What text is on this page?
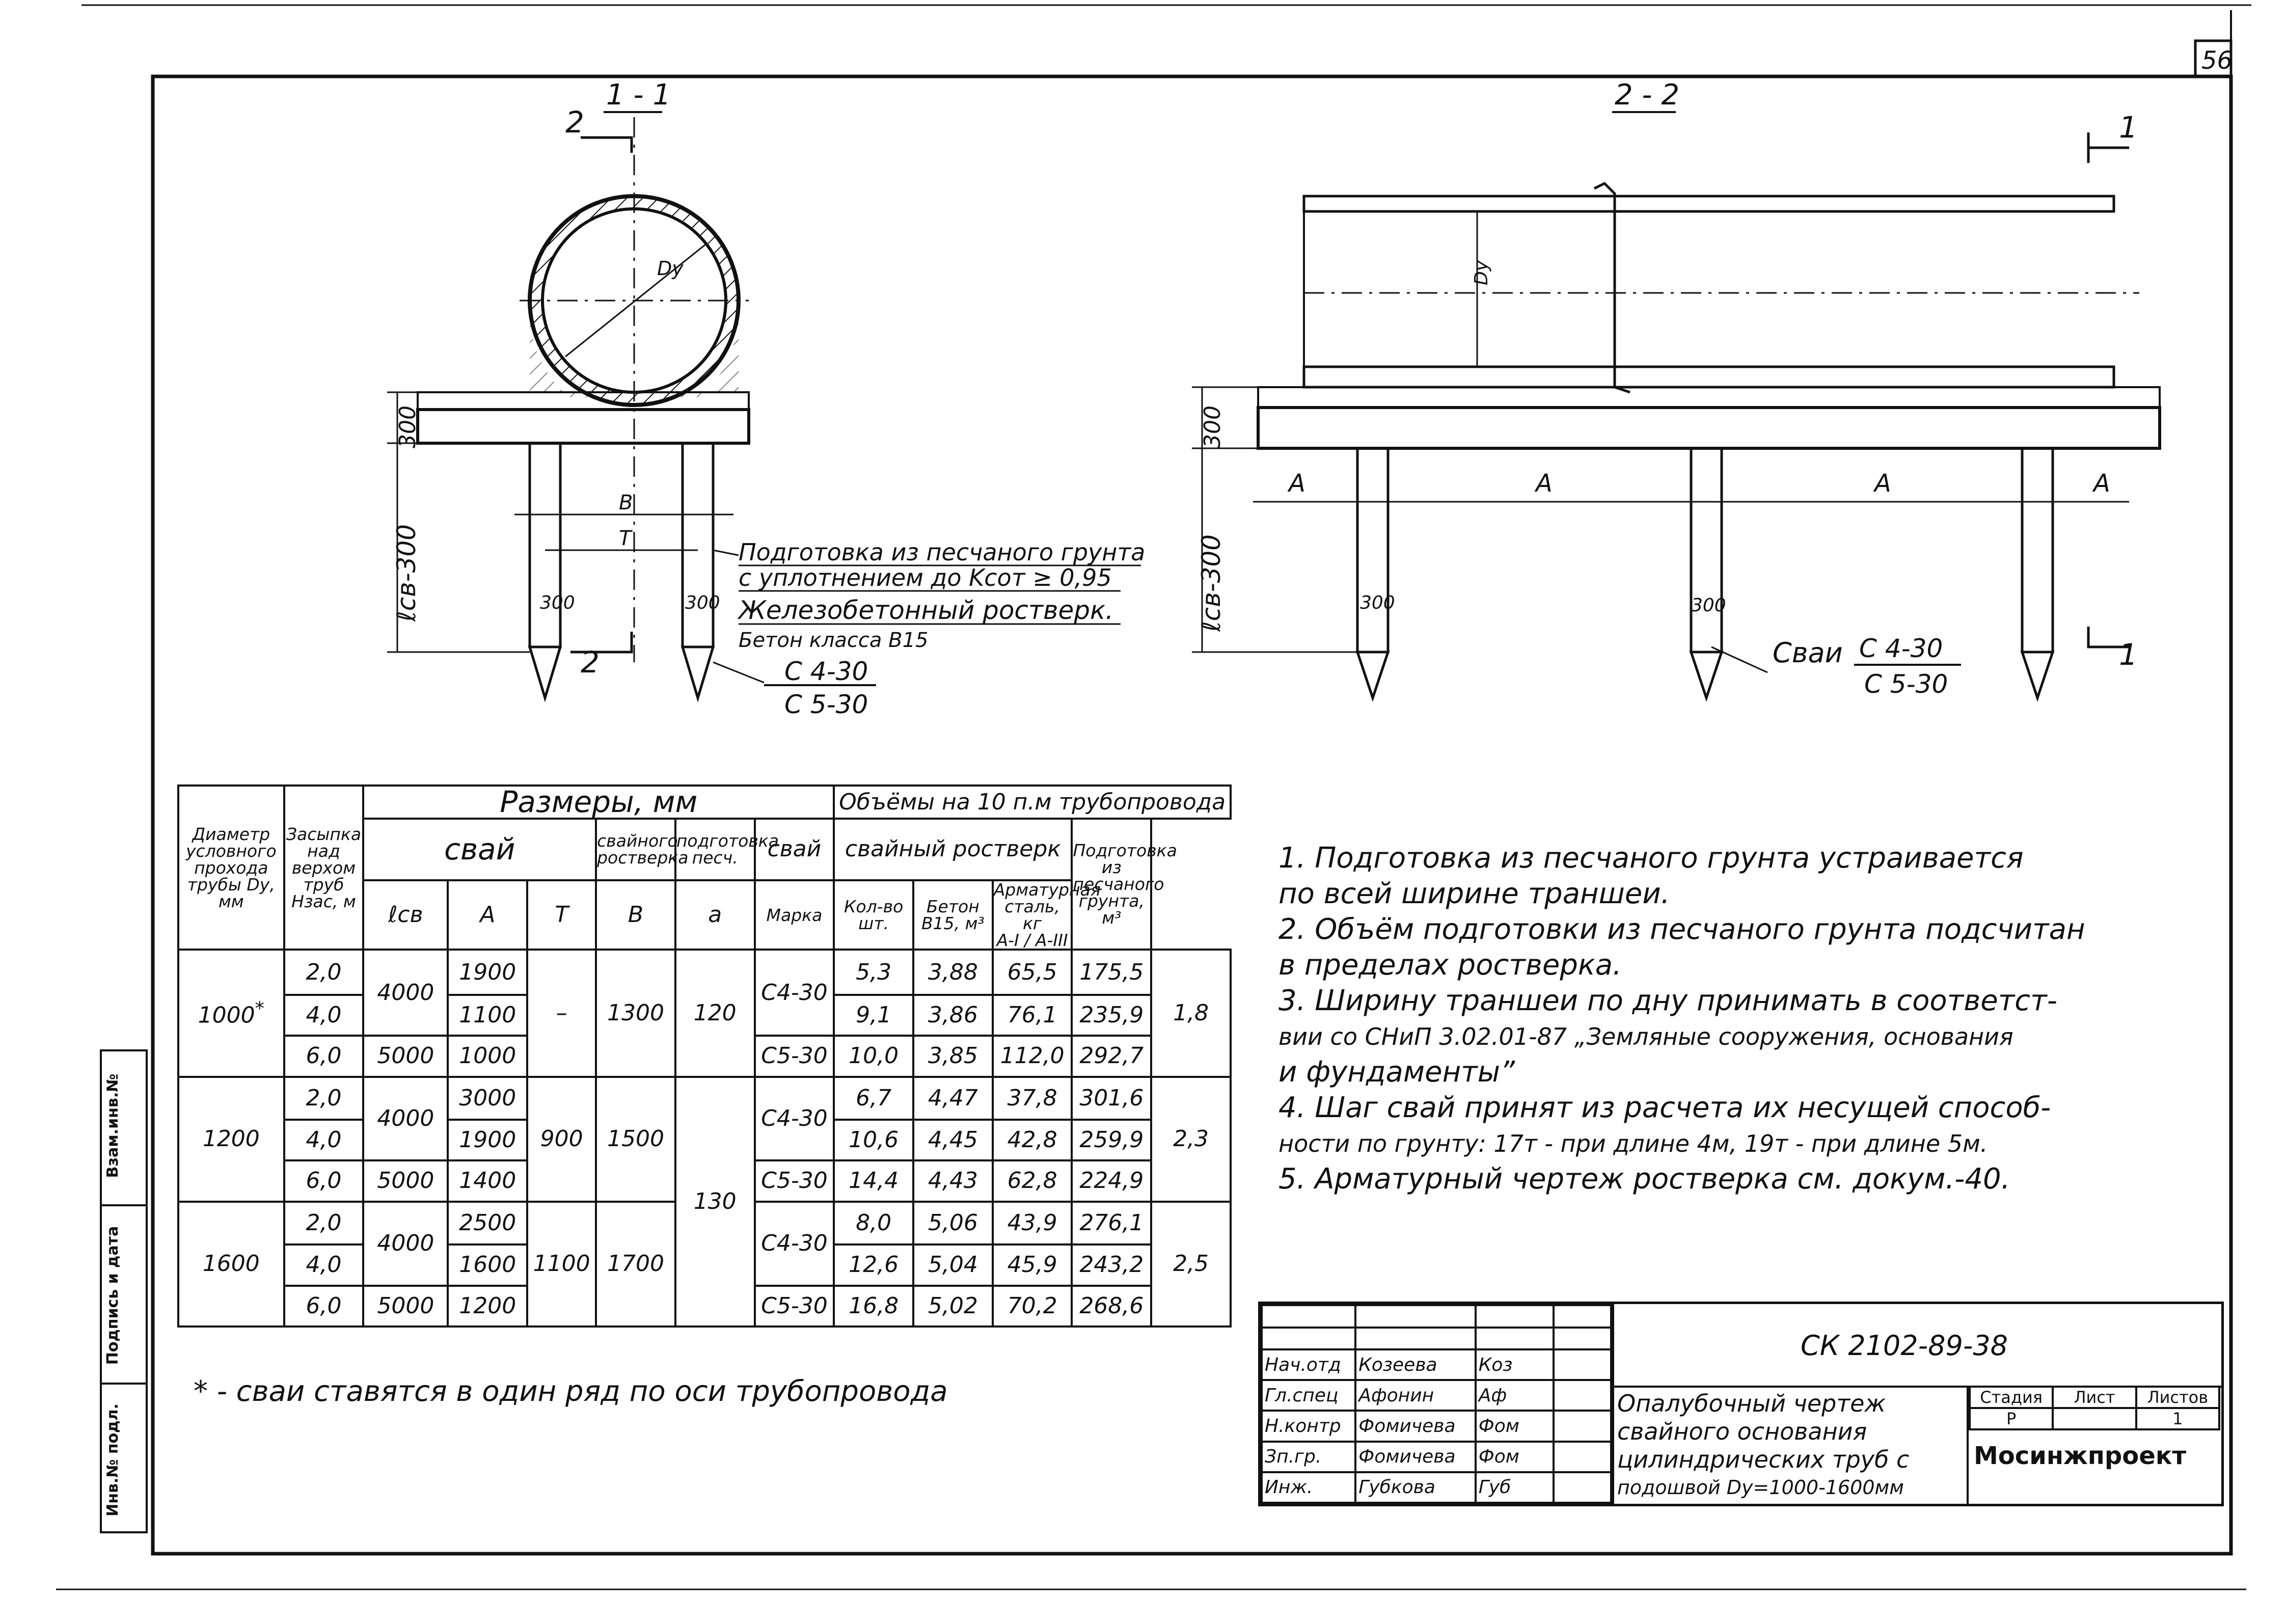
Dу
300
ℓсв-300
B
T
300	300
1 - 1
2
2
Подготовка из песчаного грунта
с уплотнением до Kсот ≥ 0,95
Железобетонный ростверк.
Бетон класса B15
С 4-30
С 5-30
2 - 2
Dу
300
ℓсв-300
A	A	A	A
300	300
1
1
Сваи С 4-30
С 5-30
56
* - сваи ставятся в один ряд по оси трубопровода
Диаметр условного прохода трубы Dу, мм	Засыпка над верхом труб Hзас, м	Размеры, мм						Объёмы на 10 п.м трубопровода				
		свай			свайного ростверка	подготовка песч.	свай	свайный ростверк			Подготовка из песчаного грунта, м³	
		ℓсв	A	T	B	a	Марка	Кол-во шт.	Бетон В15, м³	Арматурная сталь, кг
А-I / А-III		
1000*	2,0	4000	1900	–	1300	120	С4-30	5,3	3,88	65,5	175,5	1,8
	4,0		1100					9,1	3,86	76,1	235,9	
	6,0	5000	1000				С5-30	10,0	3,85	112,0	292,7	
1200	2,0	4000	3000	900	1500	130	С4-30	6,7	4,47	37,8	301,6	2,3
	4,0		1900					10,6	4,45	42,8	259,9	
	6,0	5000	1400				С5-30	14,4	4,43	62,8	224,9	
1600	2,0	4000	2500	1100	1700		С4-30	8,0	5,06	43,9	276,1	2,5
	4,0		1600					12,6	5,04	45,9	243,2	
	6,0	5000	1200				С5-30	16,8	5,02	70,2	268,6	
1. Подготовка из песчаного грунта устраивается
по всей ширине траншеи.
2. Объём подготовки из песчаного грунта подсчитан
в пределах ростверка.
3. Ширину траншеи по дну принимать в соответст-
вии со СНиП 3.02.01-87 „Земляные сооружения, основания
и фундаменты”
4. Шаг свай принят из расчета их несущей способ-
ности по грунту: 17т - при длине 4м, 19т - при длине 5м.
5. Арматурный чертеж ростверка см. докум.-40.

Нач.отд	Козеева	Коз	
Гл.спец	Афонин	Аф	
Н.контр	Фомичева	Фом	
Зп.гр.	Фомичева	Фом	
Инж.	Губкова	Губ	
СК 2102-89-38
Опалубочный чертеж
свайного основания
цилиндрических труб с
подошвой Dу=1000-1600мм
Стадия	Лист	Листов
Р		1
Мосинжпроект
Взам.инв.№
Подпись и дата
Инв.№ подл.
